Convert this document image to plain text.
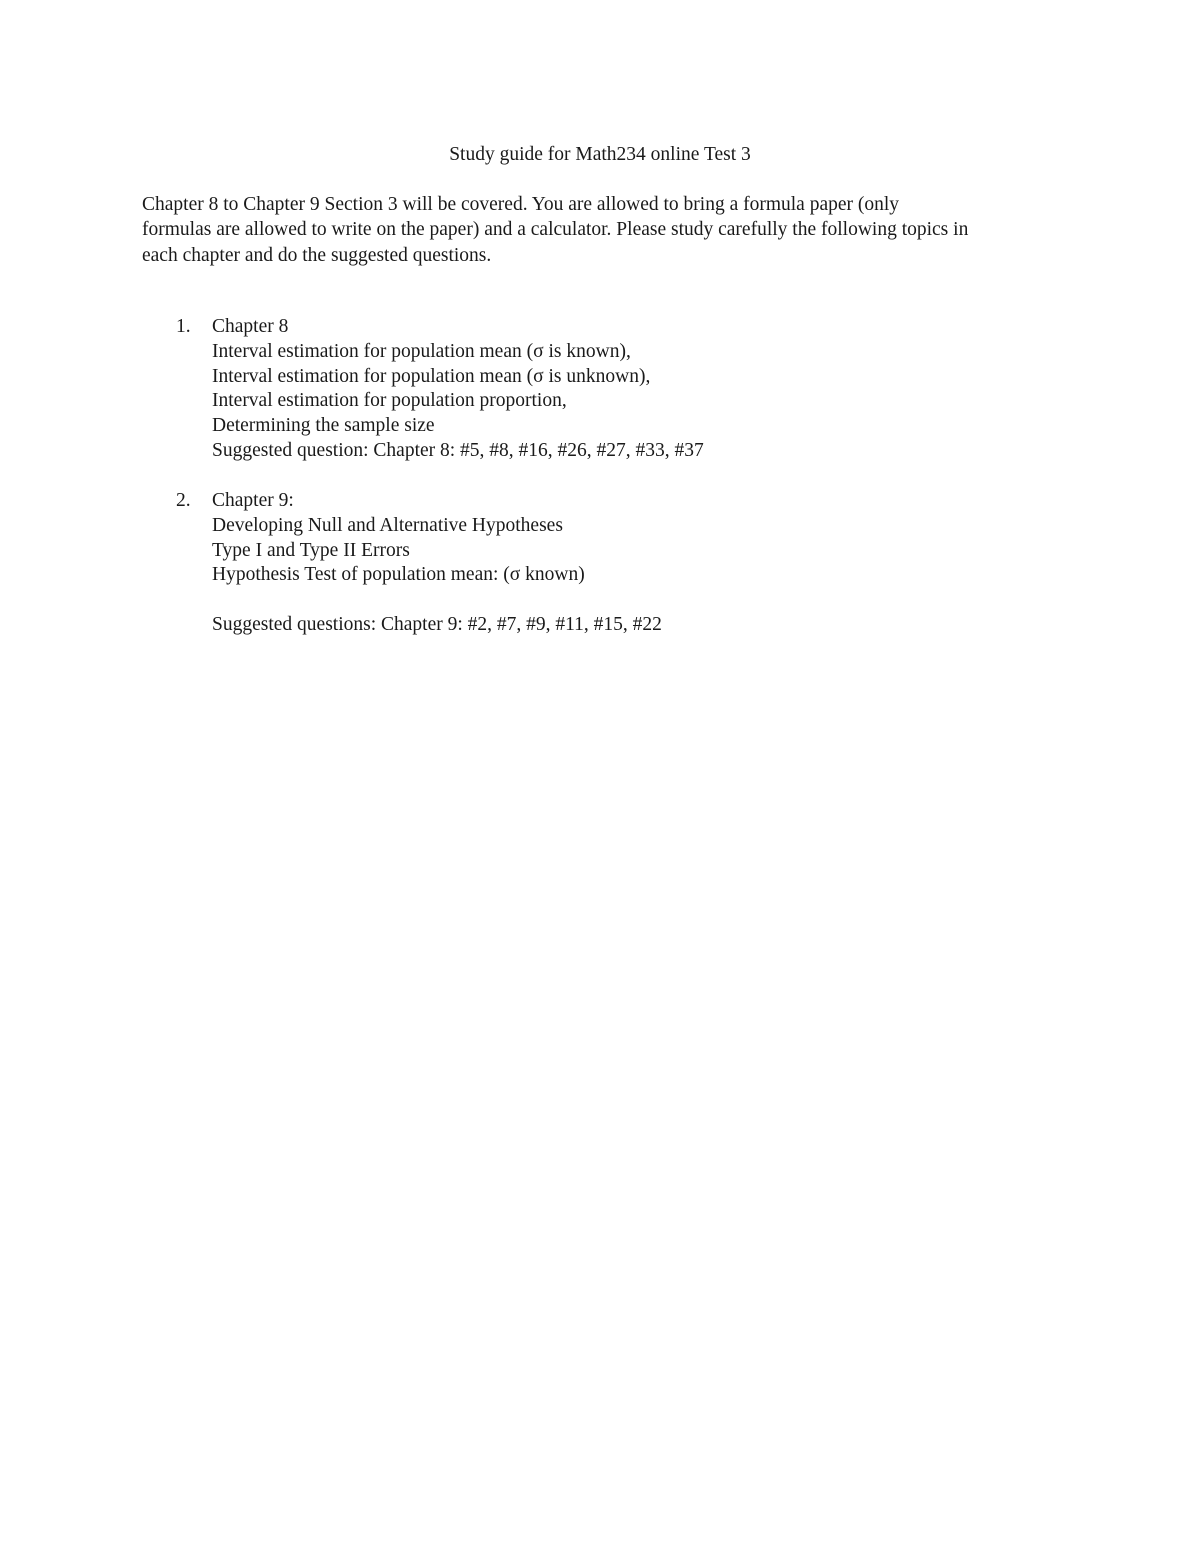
Study guide for Math234 online Test 3
Chapter 8 to Chapter 9 Section 3 will be covered. You are allowed to bring a formula paper (only
formulas are allowed to write on the paper) and a calculator. Please study carefully the following topics in
each chapter and do the suggested questions.
1. Chapter 8
Interval estimation for population mean (σ is known),
Interval estimation for population mean (σ is unknown),
Interval estimation for population proportion,
Determining the sample size
Suggested question: Chapter 8: #5, #8, #16, #26, #27, #33, #37
2. Chapter 9:
Developing Null and Alternative Hypotheses
Type I and Type II Errors
Hypothesis Test of population mean: (σ known)
Suggested questions: Chapter 9: #2, #7, #9, #11, #15, #22
